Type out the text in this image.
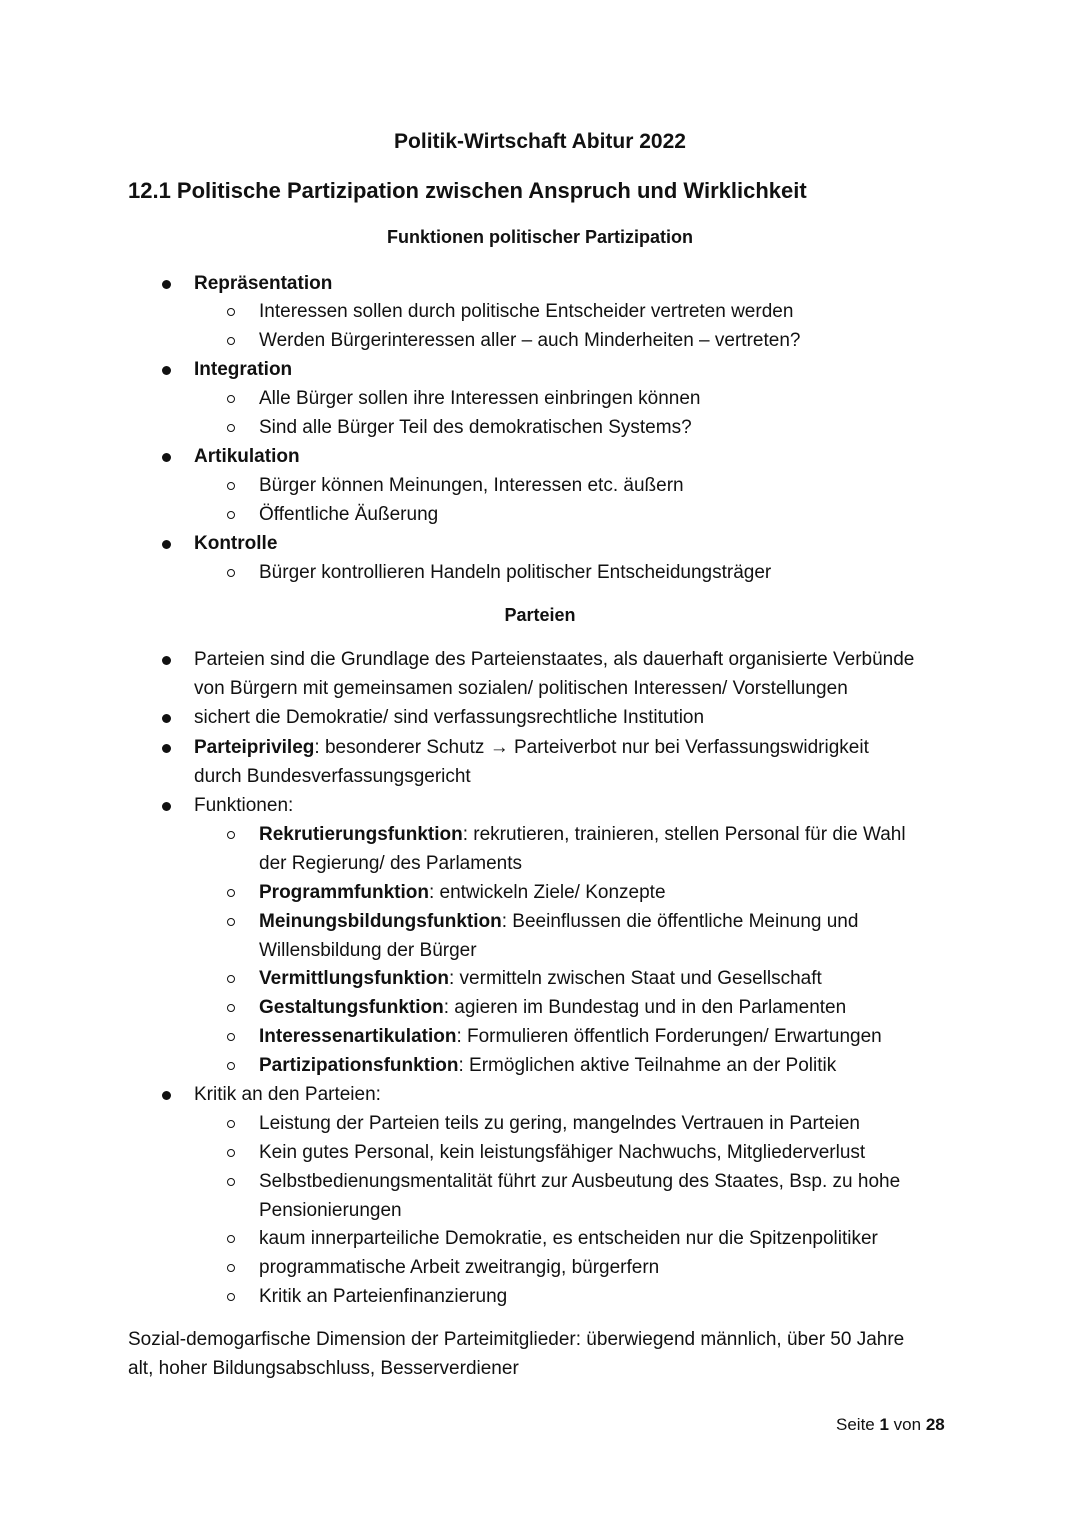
Politik-Wirtschaft Abitur 2022
12.1 Politische Partizipation zwischen Anspruch und Wirklichkeit
Funktionen politischer Partizipation
Repräsentation
Interessen sollen durch politische Entscheider vertreten werden
Werden Bürgerinteressen aller – auch Minderheiten – vertreten?
Integration
Alle Bürger sollen ihre Interessen einbringen können
Sind alle Bürger Teil des demokratischen Systems?
Artikulation
Bürger können Meinungen, Interessen etc. äußern
Öffentliche Äußerung
Kontrolle
Bürger kontrollieren Handeln politischer Entscheidungsträger
Parteien
Parteien sind die Grundlage des Parteienstaates, als dauerhaft organisierte Verbünde
von Bürgern mit gemeinsamen sozialen/ politischen Interessen/ Vorstellungen
sichert die Demokratie/ sind verfassungsrechtliche Institution
Parteiprivileg: besonderer Schutz → Parteiverbot nur bei Verfassungswidrigkeit
durch Bundesverfassungsgericht
Funktionen:
Rekrutierungsfunktion: rekrutieren, trainieren, stellen Personal für die Wahl
der Regierung/ des Parlaments
Programmfunktion: entwickeln Ziele/ Konzepte
Meinungsbildungsfunktion: Beeinflussen die öffentliche Meinung und
Willensbildung der Bürger
Vermittlungsfunktion: vermitteln zwischen Staat und Gesellschaft
Gestaltungsfunktion: agieren im Bundestag und in den Parlamenten
Interessenartikulation: Formulieren öffentlich Forderungen/ Erwartungen
Partizipationsfunktion: Ermöglichen aktive Teilnahme an der Politik
Kritik an den Parteien:
Leistung der Parteien teils zu gering, mangelndes Vertrauen in Parteien
Kein gutes Personal, kein leistungsfähiger Nachwuchs, Mitgliederverlust
Selbstbedienungsmentalität führt zur Ausbeutung des Staates, Bsp. zu hohe
Pensionierungen
kaum innerparteiliche Demokratie, es entscheiden nur die Spitzenpolitiker
programmatische Arbeit zweitrangig, bürgerfern
Kritik an Parteienfinanzierung
Sozial-demogarfische Dimension der Parteimitglieder: überwiegend männlich, über 50 Jahre
alt, hoher Bildungsabschluss, Besserverdiener
Seite 1 von 28
